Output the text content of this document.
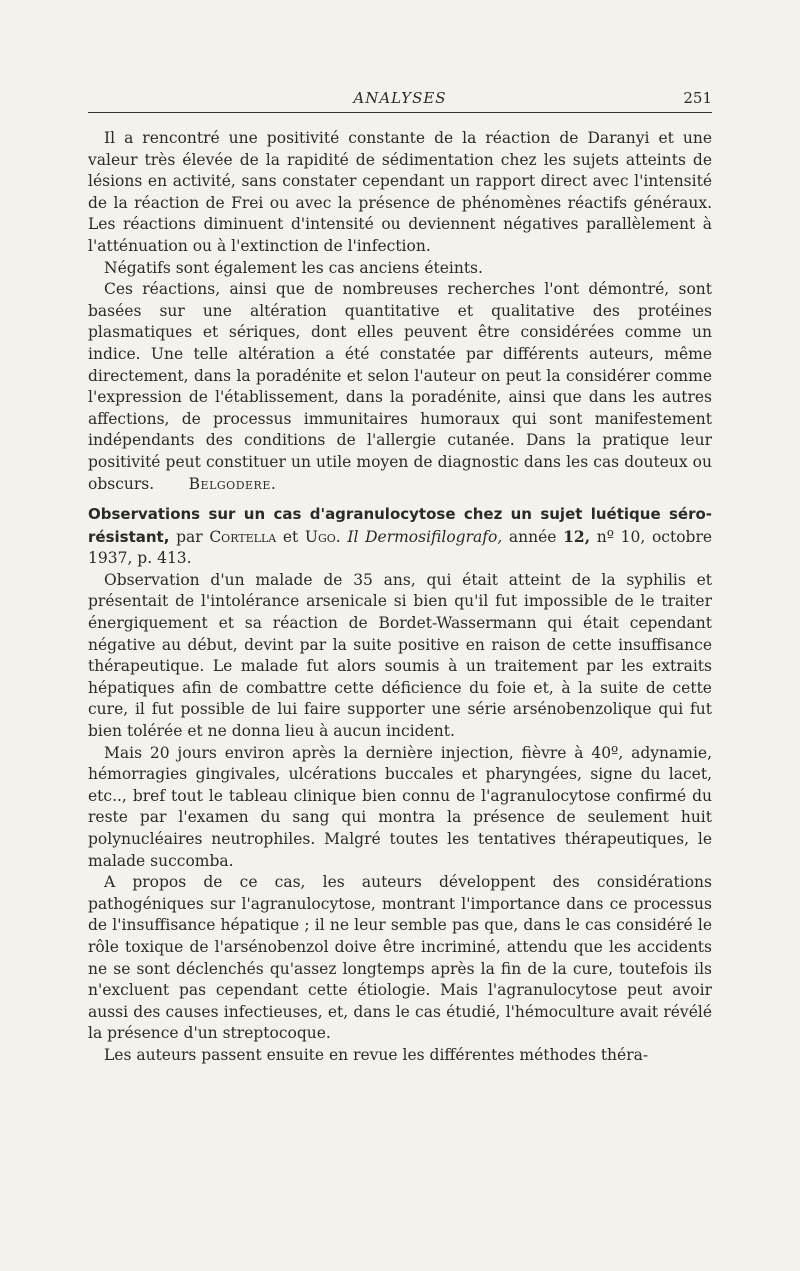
ANALYSES	251

Il a rencontré une positivité constante de la réaction de Daranyi et une valeur très élevée de la rapidité de sédimentation chez les sujets atteints de lésions en activité, sans constater cependant un rapport direct avec l'intensité de la réaction de Frei ou avec la présence de phénomènes réactifs généraux. Les réactions diminuent d'intensité ou deviennent négatives parallèlement à l'atténuation ou à l'extinction de l'infection.

Négatifs sont également les cas anciens éteints.

Ces réactions, ainsi que de nombreuses recherches l'ont démontré, sont basées sur une altération quantitative et qualitative des protéines plasmatiques et sériques, dont elles peuvent être considérées comme un indice. Une telle altération a été constatée par différents auteurs, même directement, dans la poradénite et selon l'auteur on peut la considérer comme l'expression de l'établissement, dans la poradénite, ainsi que dans les autres affections, de processus immunitaires humoraux qui sont manifestement indépendants des conditions de l'allergie cutanée. Dans la pratique leur positivité peut constituer un utile moyen de diagnostic dans les cas douteux ou obscurs. Belgodere.

Observations sur un cas d'agranulocytose chez un sujet luétique séro-résistant, par Cortella et Ugo. Il Dermosifilografo, année 12, nº 10, octobre 1937, p. 413.

Observation d'un malade de 35 ans, qui était atteint de la syphilis et présentait de l'intolérance arsenicale si bien qu'il fut impossible de le traiter énergiquement et sa réaction de Bordet-Wassermann qui était cependant négative au début, devint par la suite positive en raison de cette insuffisance thérapeutique. Le malade fut alors soumis à un traitement par les extraits hépatiques afin de combattre cette déficience du foie et, à la suite de cette cure, il fut possible de lui faire supporter une série arsénobenzolique qui fut bien tolérée et ne donna lieu à aucun incident.

Mais 20 jours environ après la dernière injection, fièvre à 40º, adynamie, hémorragies gingivales, ulcérations buccales et pharyngées, signe du lacet, etc.., bref tout le tableau clinique bien connu de l'agranulocytose confirmé du reste par l'examen du sang qui montra la présence de seulement huit polynucléaires neutrophiles. Malgré toutes les tentatives thérapeutiques, le malade succomba.

A propos de ce cas, les auteurs développent des considérations pathogéniques sur l'agranulocytose, montrant l'importance dans ce processus de l'insuffisance hépatique ; il ne leur semble pas que, dans le cas considéré le rôle toxique de l'arsénobenzol doive être incriminé, attendu que les accidents ne se sont déclenchés qu'assez longtemps après la fin de la cure, toutefois ils n'excluent pas cependant cette étiologie. Mais l'agranulocytose peut avoir aussi des causes infectieuses, et, dans le cas étudié, l'hémoculture avait révélé la présence d'un streptocoque.

Les auteurs passent ensuite en revue les différentes méthodes théra-
